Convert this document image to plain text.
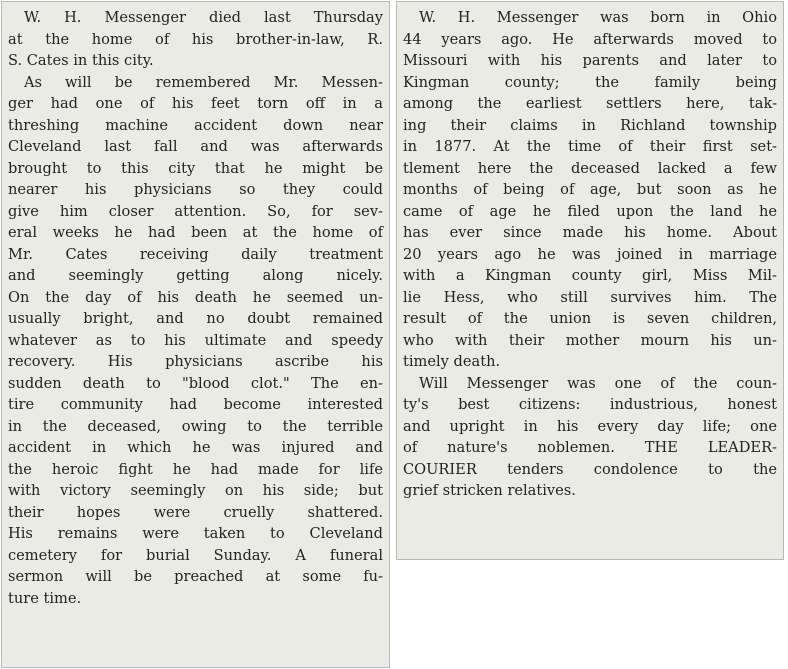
W. H. Messenger died last Thursday
at the home of his brother-in-law, R.
S. Cates in this city.
As will be remembered Mr. Messen-
ger had one of his feet torn off in a
threshing machine accident down near
Cleveland last fall and was afterwards
brought to this city that he might be
nearer his physicians so they could
give him closer attention. So, for sev-
eral weeks he had been at the home of
Mr. Cates receiving daily treatment
and seemingly getting along nicely.
On the day of his death he seemed un-
usually bright, and no doubt remained
whatever as to his ultimate and speedy
recovery. His physicians ascribe his
sudden death to "blood clot." The en-
tire community had become interested
in the deceased, owing to the terrible
accident in which he was injured and
the heroic fight he had made for life
with victory seemingly on his side; but
their hopes were cruelly shattered.
His remains were taken to Cleveland
cemetery for burial Sunday. A funeral
sermon will be preached at some fu-
ture time.
W. H. Messenger was born in Ohio
44 years ago. He afterwards moved to
Missouri with his parents and later to
Kingman county; the family being
among the earliest settlers here, tak-
ing their claims in Richland township
in 1877. At the time of their first set-
tlement here the deceased lacked a few
months of being of age, but soon as he
came of age he filed upon the land he
has ever since made his home. About
20 years ago he was joined in marriage
with a Kingman county girl, Miss Mil-
lie Hess, who still survives him. The
result of the union is seven children,
who with their mother mourn his un-
timely death.
Will Messenger was one of the coun-
ty's best citizens: industrious, honest
and upright in his every day life; one
of nature's noblemen. THE LEADER-
COURIER tenders condolence to the
grief stricken relatives.
